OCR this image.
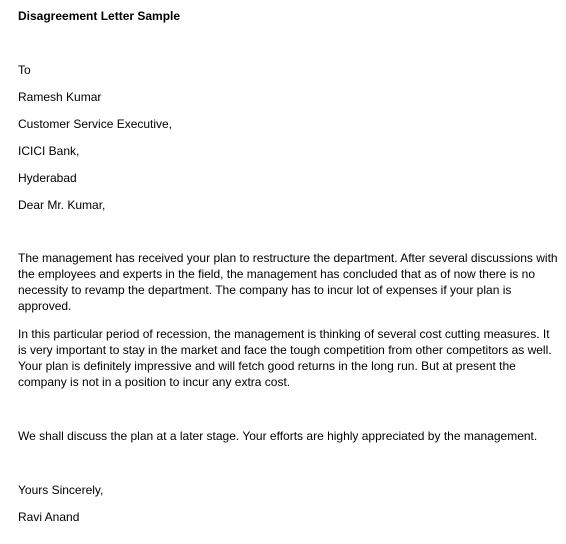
Disagreement Letter Sample
To
Ramesh Kumar
Customer Service Executive,
ICICI Bank,
Hyderabad
Dear Mr. Kumar,

The management has received your plan to restructure the department. After several discussions with the employees and experts in the field, the management has concluded that as of now there is no necessity to revamp the department. The company has to incur lot of expenses if your plan is approved.

In this particular period of recession, the management is thinking of several cost cutting measures. It is very important to stay in the market and face the tough competition from other competitors as well. Your plan is definitely impressive and will fetch good returns in the long run. But at present the company is not in a position to incur any extra cost.

We shall discuss the plan at a later stage. Your efforts are highly appreciated by the management.

Yours Sincerely,
Ravi Anand
